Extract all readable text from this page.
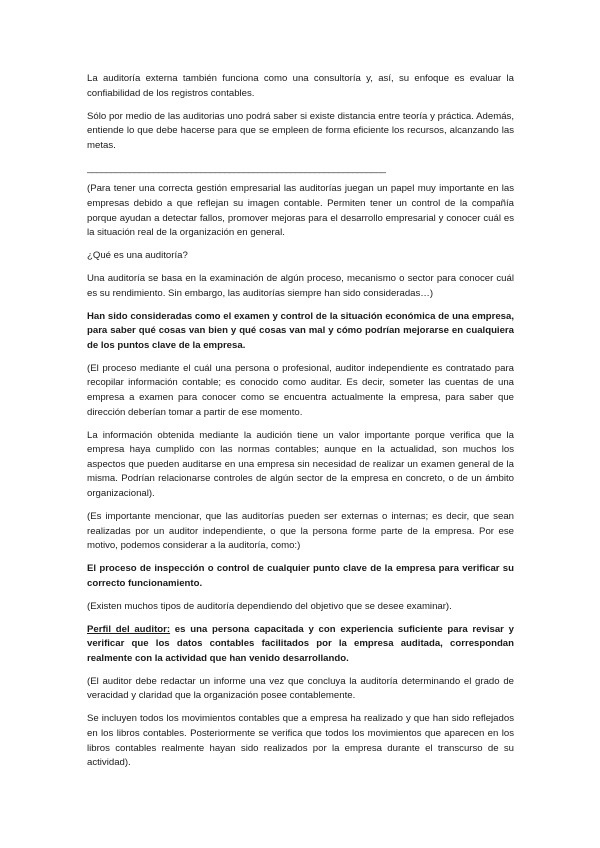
La auditoría externa también funciona como una consultoría y, así, su enfoque es evaluar la confiabilidad de los registros contables.

Sólo por medio de las auditorias uno podrá saber si existe distancia entre teoría y práctica. Además, entiende lo que debe hacerse para que se empleen de forma eficiente los recursos, alcanzando las metas.

_______________________________________________________________

(Para tener una correcta gestión empresarial las auditorías juegan un papel muy importante en las empresas debido a que reflejan su imagen contable. Permiten tener un control de la compañía porque ayudan a detectar fallos, promover mejoras para el desarrollo empresarial y conocer cuál es la situación real de la organización en general.

¿Qué es una auditoría?

Una auditoría se basa en la examinación de algún proceso, mecanismo o sector para conocer cuál es su rendimiento. Sin embargo, las auditorías siempre han sido consideradas…)

Han sido consideradas como el examen y control de la situación económica de una empresa, para saber qué cosas van bien y qué cosas van mal y cómo podrían mejorarse en cualquiera de los puntos clave de la empresa.

(El proceso mediante el cuál una persona o profesional, auditor independiente es contratado para recopilar información contable; es conocido como auditar. Es decir, someter las cuentas de una empresa a examen para conocer como se encuentra actualmente la empresa, para saber que dirección deberían tomar a partir de ese momento.

La información obtenida mediante la audición tiene un valor importante porque verifica que la empresa haya cumplido con las normas contables; aunque en la actualidad, son muchos los aspectos que pueden auditarse en una empresa sin necesidad de realizar un examen general de la misma. Podrían relacionarse controles de algún sector de la empresa en concreto, o de un ámbito organizacional).

(Es importante mencionar, que las auditorías pueden ser externas o internas; es decir, que sean realizadas por un auditor independiente, o que la persona forme parte de la empresa. Por ese motivo, podemos considerar a la auditoría, como:)

El proceso de inspección o control de cualquier punto clave de la empresa para verificar su correcto funcionamiento.

(Existen muchos tipos de auditoría dependiendo del objetivo que se desee examinar).

Perfil del auditor: es una persona capacitada y con experiencia suficiente para revisar y verificar que los datos contables facilitados por la empresa auditada, correspondan realmente con la actividad que han venido desarrollando.

(El auditor debe redactar un informe una vez que concluya la auditoría determinando el grado de veracidad y claridad que la organización posee contablemente.

Se incluyen todos los movimientos contables que a empresa ha realizado y que han sido reflejados en los libros contables. Posteriormente se verifica que todos los movimientos que aparecen en los libros contables realmente hayan sido realizados por la empresa durante el transcurso de su actividad).
